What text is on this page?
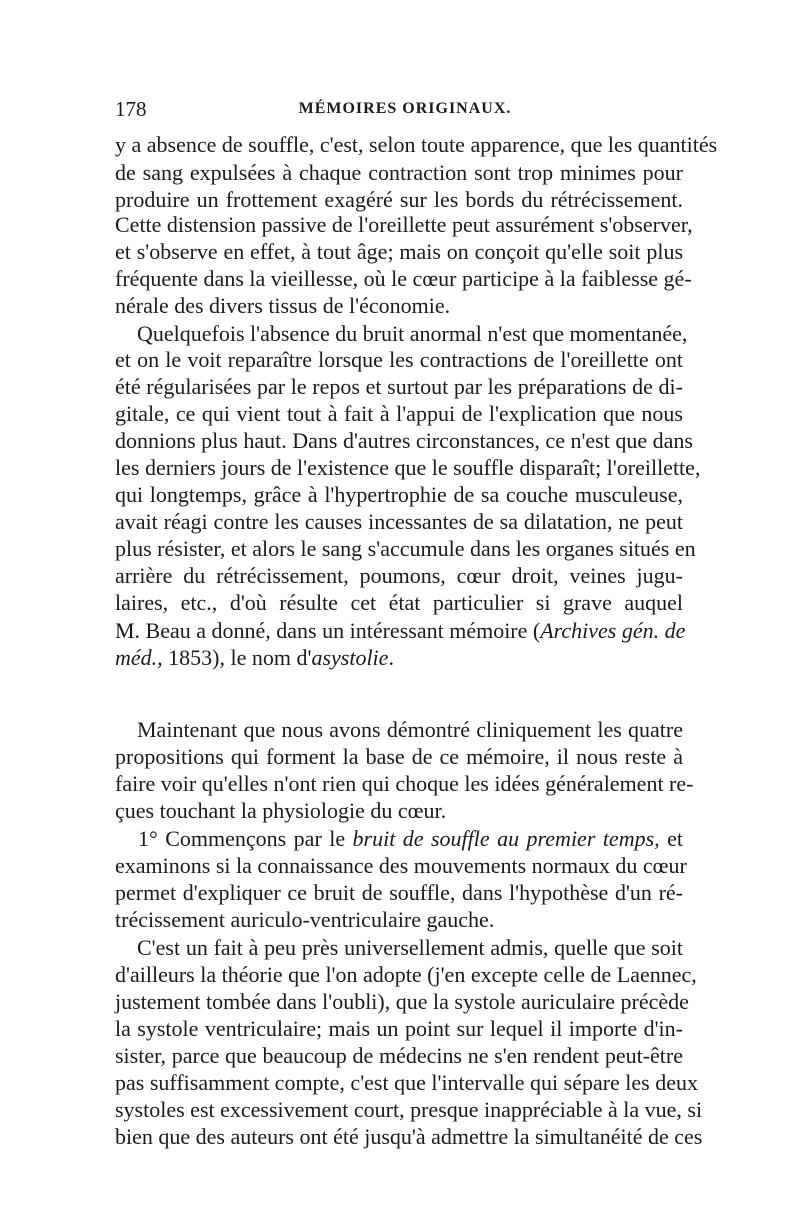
178	MÉMOIRES ORIGINAUX.
y a absence de souffle, c'est, selon toute apparence, que les quantités
de sang expulsées à chaque contraction sont trop minimes pour
produire un frottement exagéré sur les bords du rétrécissement.
Cette distension passive de l'oreillette peut assurément s'observer,
et s'observe en effet, à tout âge; mais on conçoit qu'elle soit plus
fréquente dans la vieillesse, où le cœur participe à la faiblesse gé-
nérale des divers tissus de l'économie.
Quelquefois l'absence du bruit anormal n'est que momentanée,
et on le voit reparaître lorsque les contractions de l'oreillette ont
été régularisées par le repos et surtout par les préparations de di-
gitale, ce qui vient tout à fait à l'appui de l'explication que nous
donnions plus haut. Dans d'autres circonstances, ce n'est que dans
les derniers jours de l'existence que le souffle disparaît; l'oreillette,
qui longtemps, grâce à l'hypertrophie de sa couche musculeuse,
avait réagi contre les causes incessantes de sa dilatation, ne peut
plus résister, et alors le sang s'accumule dans les organes situés en
arrière du rétrécissement, poumons, cœur droit, veines jugu-
laires, etc., d'où résulte cet état particulier si grave auquel
M. Beau a donné, dans un intéressant mémoire (Archives gén. de
méd., 1853), le nom d'asystolie.
Maintenant que nous avons démontré cliniquement les quatre
propositions qui forment la base de ce mémoire, il nous reste à
faire voir qu'elles n'ont rien qui choque les idées généralement re-
çues touchant la physiologie du cœur.
1° Commençons par le bruit de souffle au premier temps, et
examinons si la connaissance des mouvements normaux du cœur
permet d'expliquer ce bruit de souffle, dans l'hypothèse d'un ré-
trécissement auriculo-ventriculaire gauche.
C'est un fait à peu près universellement admis, quelle que soit
d'ailleurs la théorie que l'on adopte (j'en excepte celle de Laennec,
justement tombée dans l'oubli), que la systole auriculaire précède
la systole ventriculaire; mais un point sur lequel il importe d'in-
sister, parce que beaucoup de médecins ne s'en rendent peut-être
pas suffisamment compte, c'est que l'intervalle qui sépare les deux
systoles est excessivement court, presque inappréciable à la vue, si
bien que des auteurs ont été jusqu'à admettre la simultanéité de ces
